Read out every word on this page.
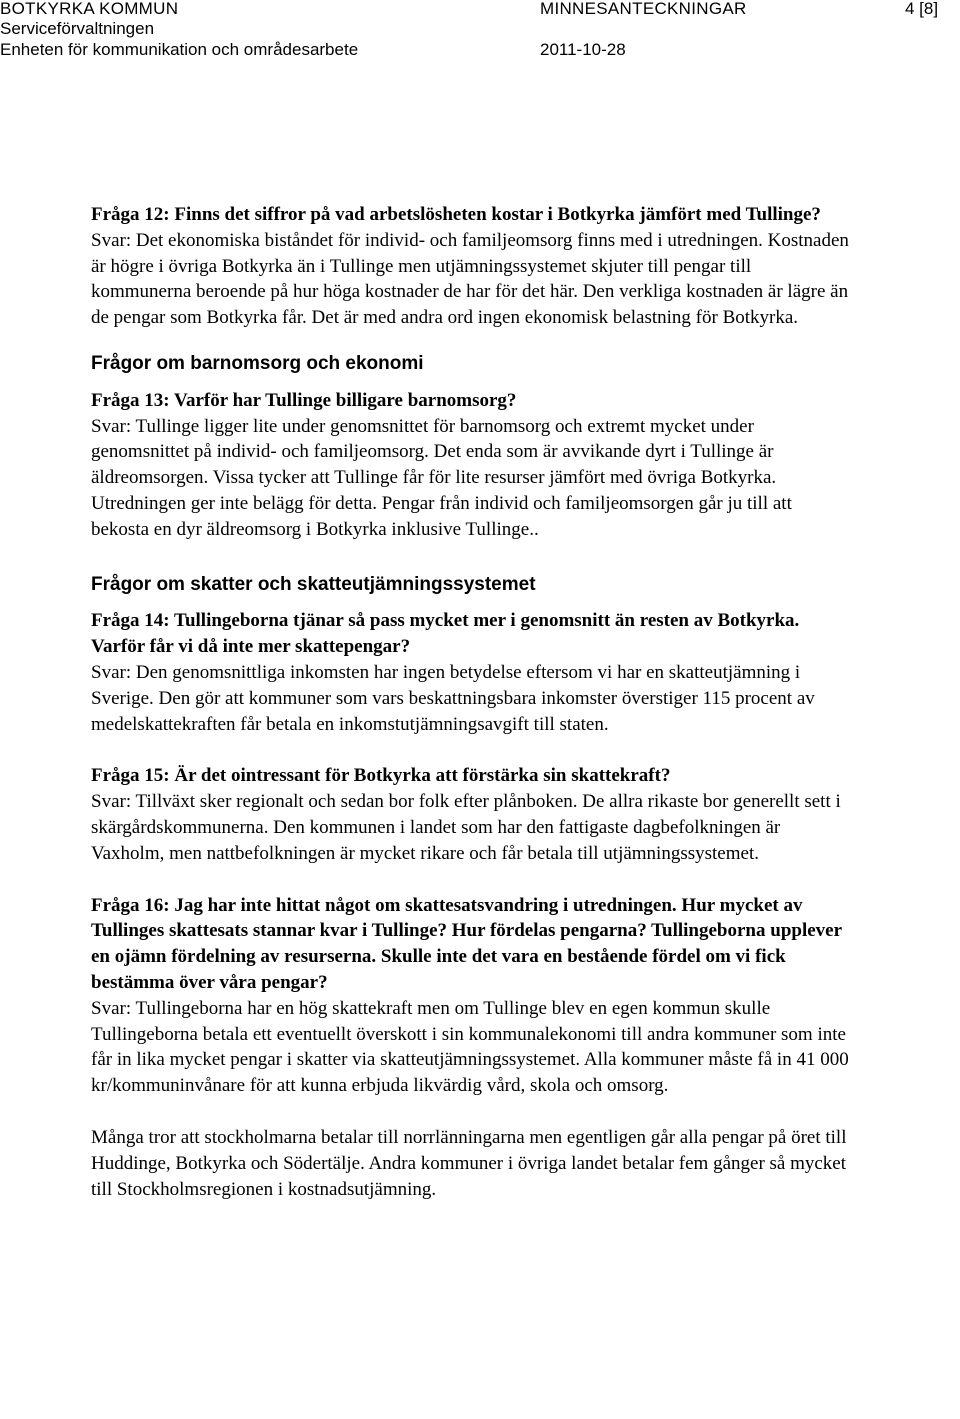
BOTKYRKA KOMMUN	MINNESANTECKNINGAR	4 [8]
Serviceförvaltningen
Enheten för kommunikation och områdesarbete	2011-10-28

Fråga 12: Finns det siffror på vad arbetslösheten kostar i Botkyrka jämfört med Tullinge?

Svar: Det ekonomiska biståndet för individ- och familjeomsorg finns med i utredningen. Kostnaden är högre i övriga Botkyrka än i Tullinge men utjämningssystemet skjuter till pengar till kommunerna beroende på hur höga kostnader de har för det här. Den verkliga kostnaden är lägre än de pengar som Botkyrka får. Det är med andra ord ingen ekonomisk belastning för Botkyrka.

Frågor om barnomsorg och ekonomi

Fråga 13: Varför har Tullinge billigare barnomsorg?

Svar: Tullinge ligger lite under genomsnittet för barnomsorg och extremt mycket under genomsnittet på individ- och familjeomsorg. Det enda som är avvikande dyrt i Tullinge är äldreomsorgen. Vissa tycker att Tullinge får för lite resurser jämfört med övriga Botkyrka. Utredningen ger inte belägg för detta. Pengar från individ och familjeomsorgen går ju till att bekosta en dyr äldreomsorg i Botkyrka inklusive Tullinge..

Frågor om skatter och skatteutjämningssystemet

Fråga 14: Tullingeborna tjänar så pass mycket mer i genomsnitt än resten av Botkyrka. Varför får vi då inte mer skattepengar?

Svar: Den genomsnittliga inkomsten har ingen betydelse eftersom vi har en skatteutjämning i Sverige. Den gör att kommuner som vars beskattningsbara inkomster överstiger 115 procent av medelskattekraften får betala en inkomstutjämningsavgift till staten.

Fråga 15: Är det ointressant för Botkyrka att förstärka sin skattekraft?

Svar: Tillväxt sker regionalt och sedan bor folk efter plånboken. De allra rikaste bor generellt sett i skärgårdskommunerna. Den kommunen i landet som har den fattigaste dagbefolkningen är Vaxholm, men nattbefolkningen är mycket rikare och får betala till utjämningssystemet.

Fråga 16: Jag har inte hittat något om skattesatsvandring i utredningen. Hur mycket av Tullinges skattesats stannar kvar i Tullinge? Hur fördelas pengarna? Tullingeborna upplever en ojämn fördelning av resurserna. Skulle inte det vara en bestående fördel om vi fick bestämma över våra pengar?

Svar: Tullingeborna har en hög skattekraft men om Tullinge blev en egen kommun skulle Tullingeborna betala ett eventuellt överskott i sin kommunalekonomi till andra kommuner som inte får in lika mycket pengar i skatter via skatteutjämningssystemet. Alla kommuner måste få in 41 000 kr/kommuninvånare för att kunna erbjuda likvärdig vård, skola och omsorg.

Många tror att stockholmarna betalar till norrlänningarna men egentligen går alla pengar på öret till Huddinge, Botkyrka och Södertälje. Andra kommuner i övriga landet betalar fem gånger så mycket till Stockholmsregionen i kostnadsutjämning.
